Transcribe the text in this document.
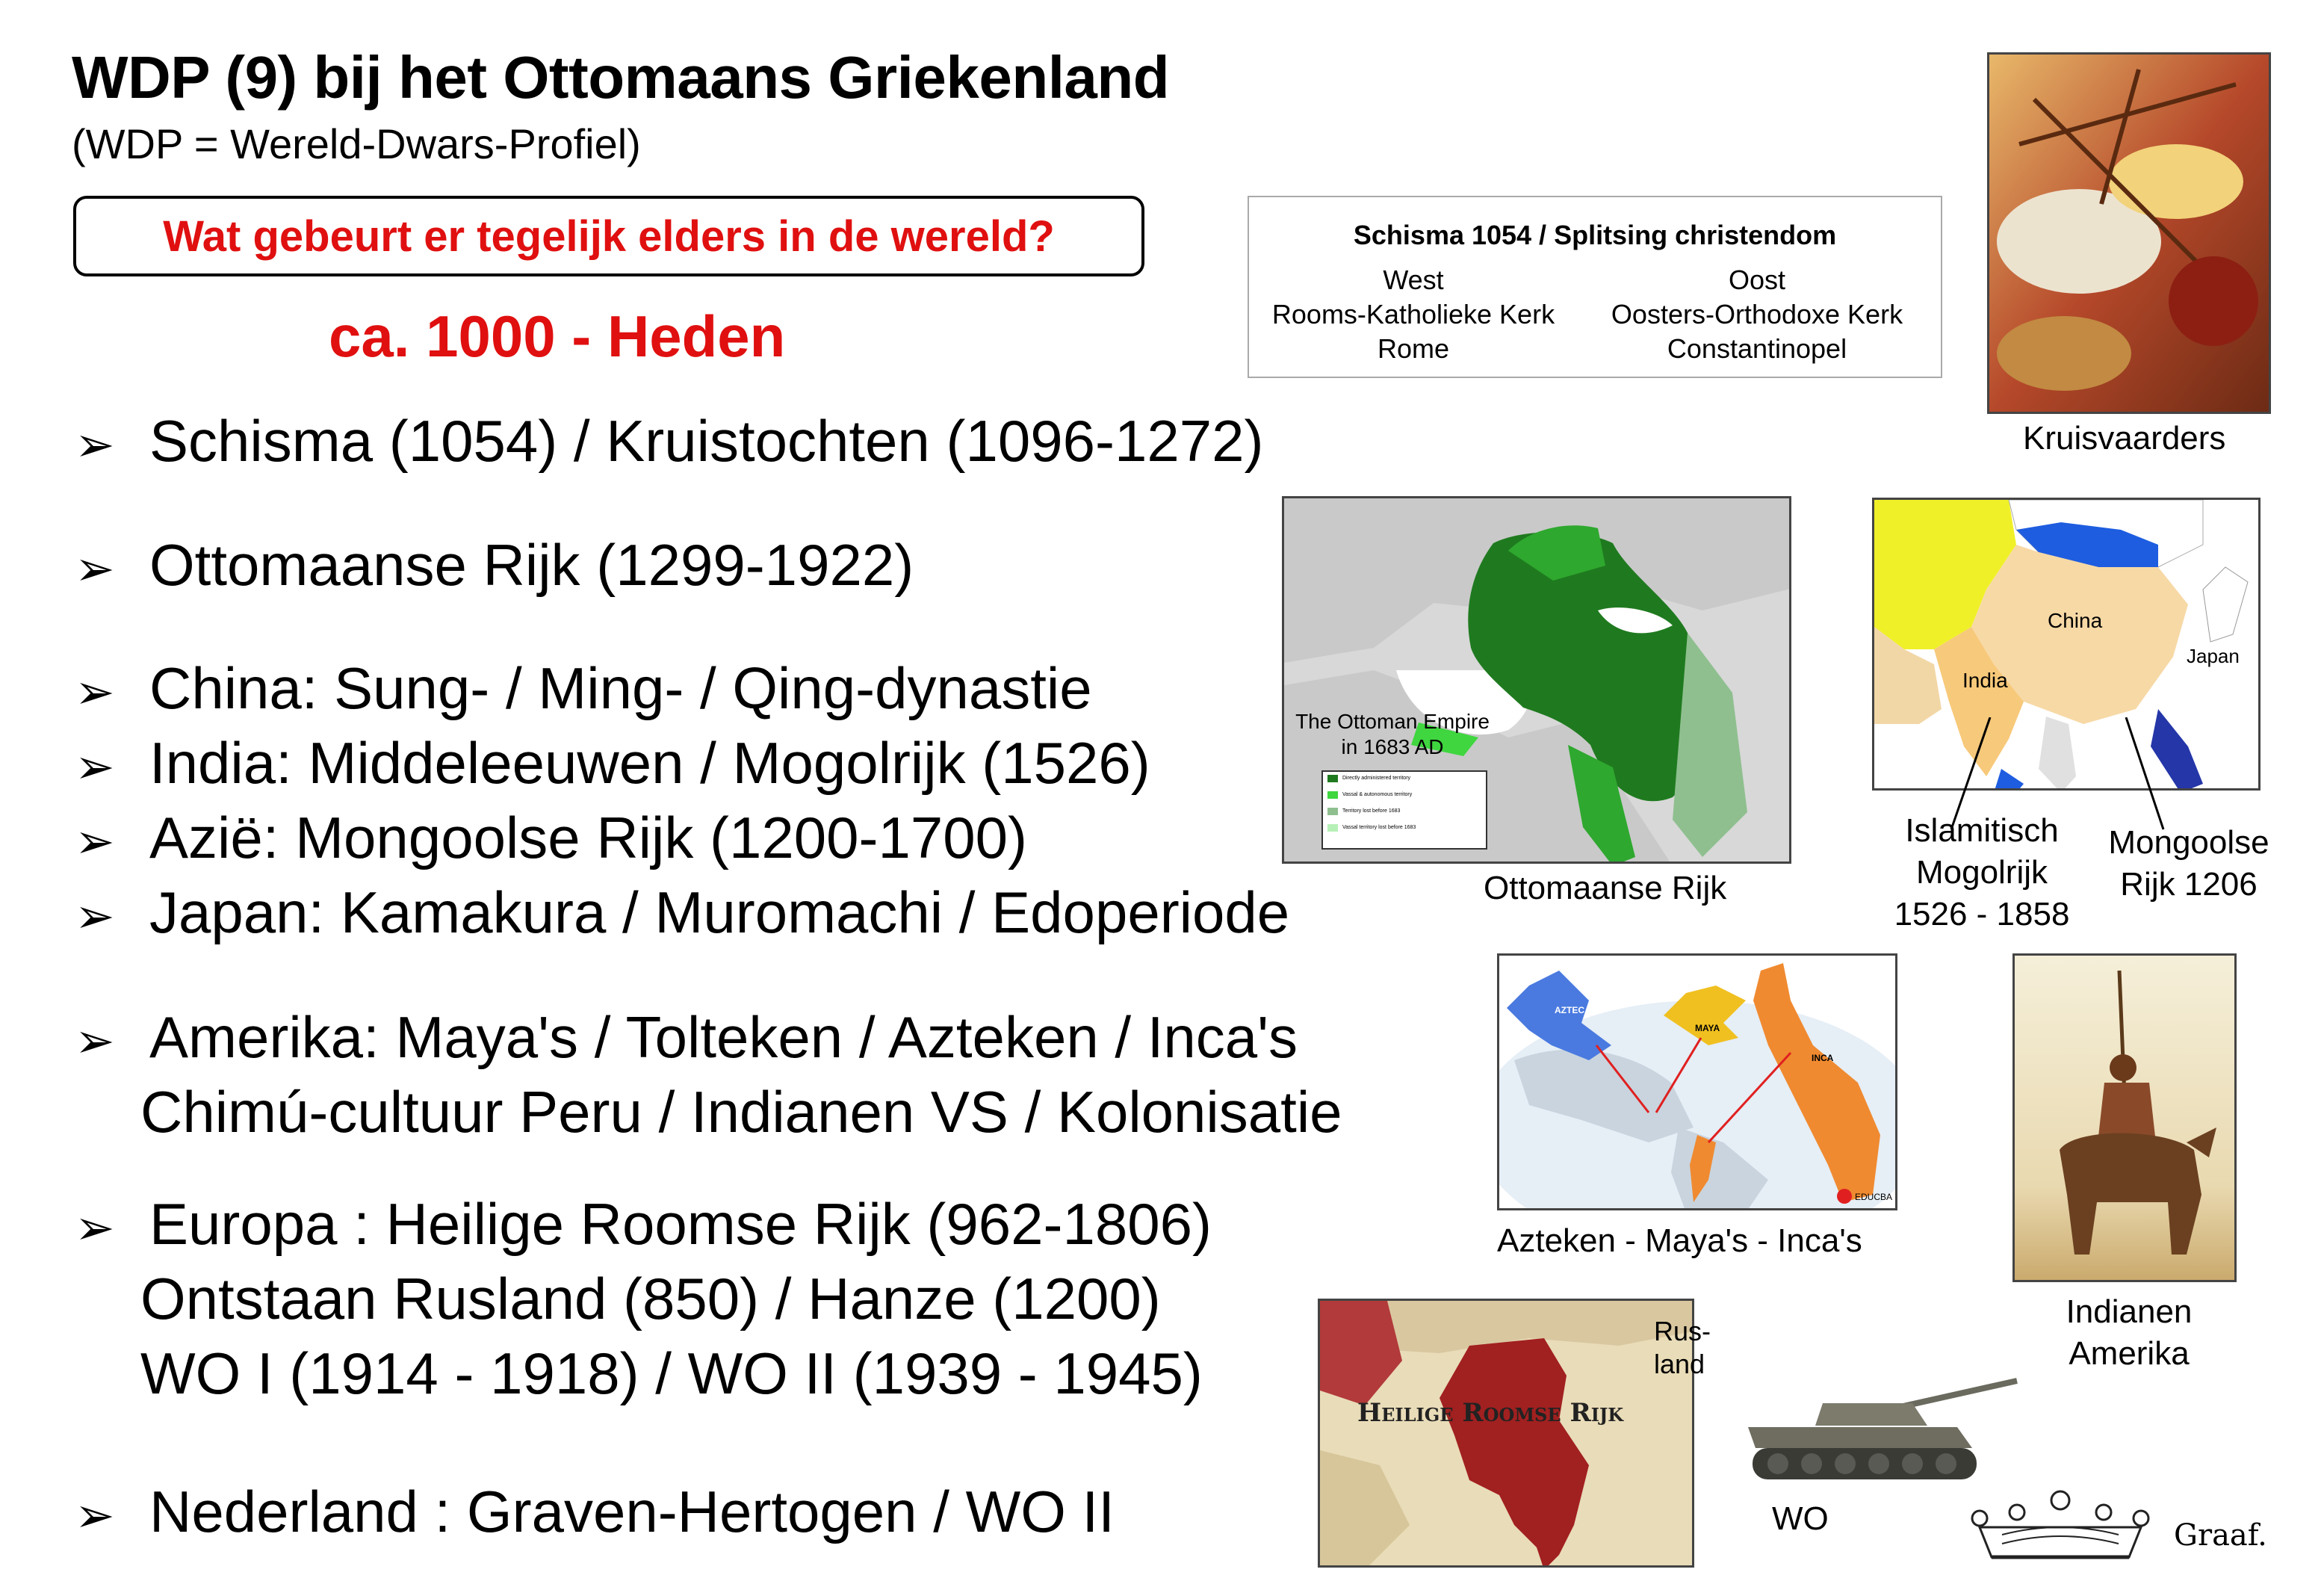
WDP (9) bij het Ottomaans Griekenland
(WDP = Wereld-Dwars-Profiel)
Wat gebeurt er tegelijk elders in de wereld?
ca. 1000 - Heden
➢ Schisma (1054) / Kruistochten (1096-1272)
➢ Ottomaanse Rijk (1299-1922)
➢ China: Sung- / Ming- / Qing-dynastie
➢ India: Middeleeuwen / Mogolrijk (1526)
➢ Azië: Mongoolse Rijk (1200-1700)
➢ Japan: Kamakura / Muromachi / Edoperiode
➢ Amerika: Maya's / Tolteken / Azteken / Inca's
Chimú-cultuur Peru / Indianen VS / Kolonisatie
➢ Europa : Heilige Roomse Rijk (962-1806)
Ontstaan Rusland (850) / Hanze (1200)
WO I (1914 - 1918) / WO II (1939 - 1945)
➢ Nederland : Graven-Hertogen / WO II
Schisma 1054 / Splitsing christendom
West
Rooms-Katholieke Kerk
Rome
Oost
Oosters-Orthodoxe Kerk
Constantinopel
Kruisvaarders
The Ottoman Empire
in 1683 AD
Directly administered territory
Vassal & autonomous territory
Territory lost before 1683
Vassal territory lost before 1683
Ottomaanse Rijk
China
India
Japan
Islamitisch
Mogolrijk
1526 - 1858
Mongoolse
Rijk 1206
AZTEC
MAYA
INCA
EDUCBA
Azteken - Maya's - Inca's
Indianen
Amerika
Heilige Roomse Rijk
Rus-
land
WO	Graaf.
